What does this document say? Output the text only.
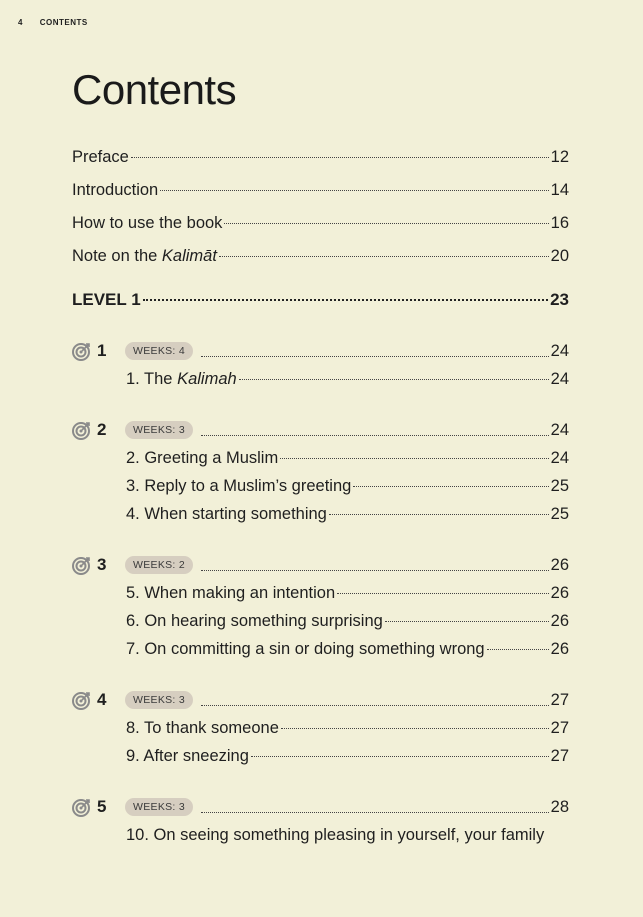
4 CONTENTS
Contents
Preface	12
Introduction	14
How to use the book	16
Note on the Kalimāt	20
LEVEL 1	23
1	WEEKS: 4	24
1. The Kalimah	24
2	WEEKS: 3	24
2. Greeting a Muslim	24
3. Reply to a Muslim’s greeting	25
4. When starting something	25
3	WEEKS: 2	26
5. When making an intention	26
6. On hearing something surprising	26
7. On committing a sin or doing something wrong	26
4	WEEKS: 3	27
8. To thank someone	27
9. After sneezing	27
5	WEEKS: 3	28
10. On seeing something pleasing in yourself, your family
